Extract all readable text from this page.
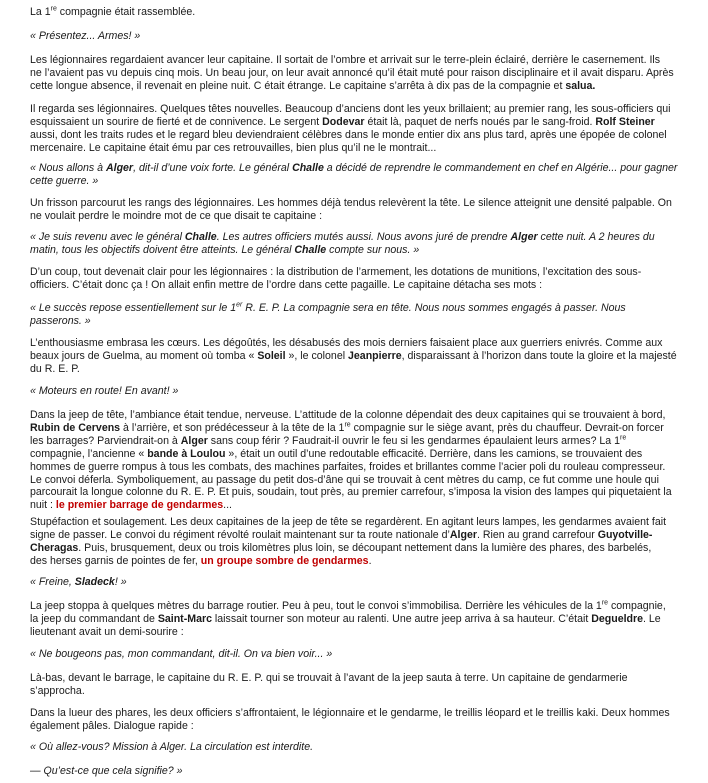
La 1re compagnie était rassemblée.
« Présentez... Armes! »
Les légionnaires regardaient avancer leur capitaine. Il sortait de l’ombre et arrivait sur le terre-plein éclairé, derrière le casernement. Ils
ne l’avaient pas vu depuis cinq mois. Un beau jour, on leur avait annoncé qu’il était muté pour raison disciplinaire et il avait disparu. Après
cette longue absence, il revenait en pleine nuit. C était étrange. Le capitaine s’arrêta à dix pas de la compagnie et salua.
Il regarda ses légionnaires. Quelques têtes nouvelles. Beaucoup d’anciens dont les yeux brillaient; au premier rang, les sous-officiers qui
esquissaient un sourire de fierté et de connivence. Le sergent Dodevar était là, paquet de nerfs noués par le sang-froid. Rolf Steiner
aussi, dont les traits rudes et le regard bleu deviendraient célèbres dans le monde entier dix ans plus tard, après une épopée de colonel
mercenaire. Le capitaine était ému par ces retrouvailles, bien plus qu’il ne le montrait...
« Nous allons à Alger, dit-il d’une voix forte. Le général Challe a décidé de reprendre le commandement en chef en Algérie... pour gagner
cette guerre. »
Un frisson parcourut les rangs des légionnaires. Les hommes déjà tendus relevèrent la tête. Le silence atteignit une densité palpable. On
ne voulait perdre le moindre mot de ce que disait te capitaine :
« Je suis revenu avec le général Challe. Les autres officiers mutés aussi. Nous avons juré de prendre Alger cette nuit. A 2 heures du
matin, tous les objectifs doivent être atteints. Le général Challe compte sur nous. »
D’un coup, tout devenait clair pour les légionnaires : la distribution de l’armement, les dotations de munitions, l’excitation des sous-
officiers. C’était donc ça ! On allait enfin mettre de l’ordre dans cette pagaille. Le capitaine détacha ses mots :
« Le succès repose essentiellement sur le 1er R. E. P. La compagnie sera en tête. Nous nous sommes engagés à passer. Nous
passerons. »
L’enthousiasme embrasa les cœurs. Les dégoûtés, les désabusés des mois derniers faisaient place aux guerriers enivrés. Comme aux
beaux jours de Guelma, au moment où tomba « Soleil », le colonel Jeanpierre, disparaissant à l’horizon dans toute la gloire et la majesté
du R. E. P.
« Moteurs en route! En avant! »
Dans la jeep de tête, l’ambiance était tendue, nerveuse. L’attitude de la colonne dépendait des deux capitaines qui se trouvaient à bord,
Rubin de Cervens à l’arrière, et son prédécesseur à la tête de la 1re compagnie sur le siège avant, près du chauffeur. Devrait-on forcer
les barrages? Parviendrait-on à Alger sans coup férir ? Faudrait-il ouvrir le feu si les gendarmes épaulaient leurs armes? La 1re
compagnie, l’ancienne « bande à Loulou », était un outil d’une redoutable efficacité. Derrière, dans les camions, se trouvaient des
hommes de guerre rompus à tous les combats, des machines parfaites, froides et brillantes comme l’acier poli du rouleau compresseur.
Le convoi déferla. Symboliquement, au passage du petit dos-d’âne qui se trouvait à cent mètres du camp, ce fut comme une houle qui
parcourait la longue colonne du R. E. P. Et puis, soudain, tout près, au premier carrefour, s’imposa la vision des lampes qui piquetaient la
nuit : le premier barrage de gendarmes...
Stupéfaction et soulagement. Les deux capitaines de la jeep de tête se regardèrent. En agitant leurs lampes, les gendarmes avaient fait
signe de passer. Le convoi du régiment révolté roulait maintenant sur ta route nationale d’Alger. Rien au grand carrefour Guyotville-
Cheragas. Puis, brusquement, deux ou trois kilomètres plus loin, se découpant nettement dans la lumière des phares, des barbelés,
des herses garnis de pointes de fer, un groupe sombre de gendarmes.
« Freine, Sladeck! »
La jeep stoppa à quelques mètres du barrage routier. Peu à peu, tout le convoi s’immobilisa. Derrière les véhicules de la 1re compagnie,
la jeep du commandant de Saint-Marc laissait tourner son moteur au ralenti. Une autre jeep arriva à sa hauteur. C’était Degueldre. Le
lieutenant avait un demi-sourire :
« Ne bougeons pas, mon commandant, dit-il. On va bien voir... »
Là-bas, devant le barrage, le capitaine du R. E. P. qui se trouvait à l’avant de la jeep sauta à terre. Un capitaine de gendarmerie
s’approcha.
Dans la lueur des phares, les deux officiers s’affrontaient, le légionnaire et le gendarme, le treillis léopard et le treillis kaki. Deux hommes
également pâles. Dialogue rapide :
« Où allez-vous? Mission à Alger. La circulation est interdite.
— Qu’est-ce que cela signifie? »
